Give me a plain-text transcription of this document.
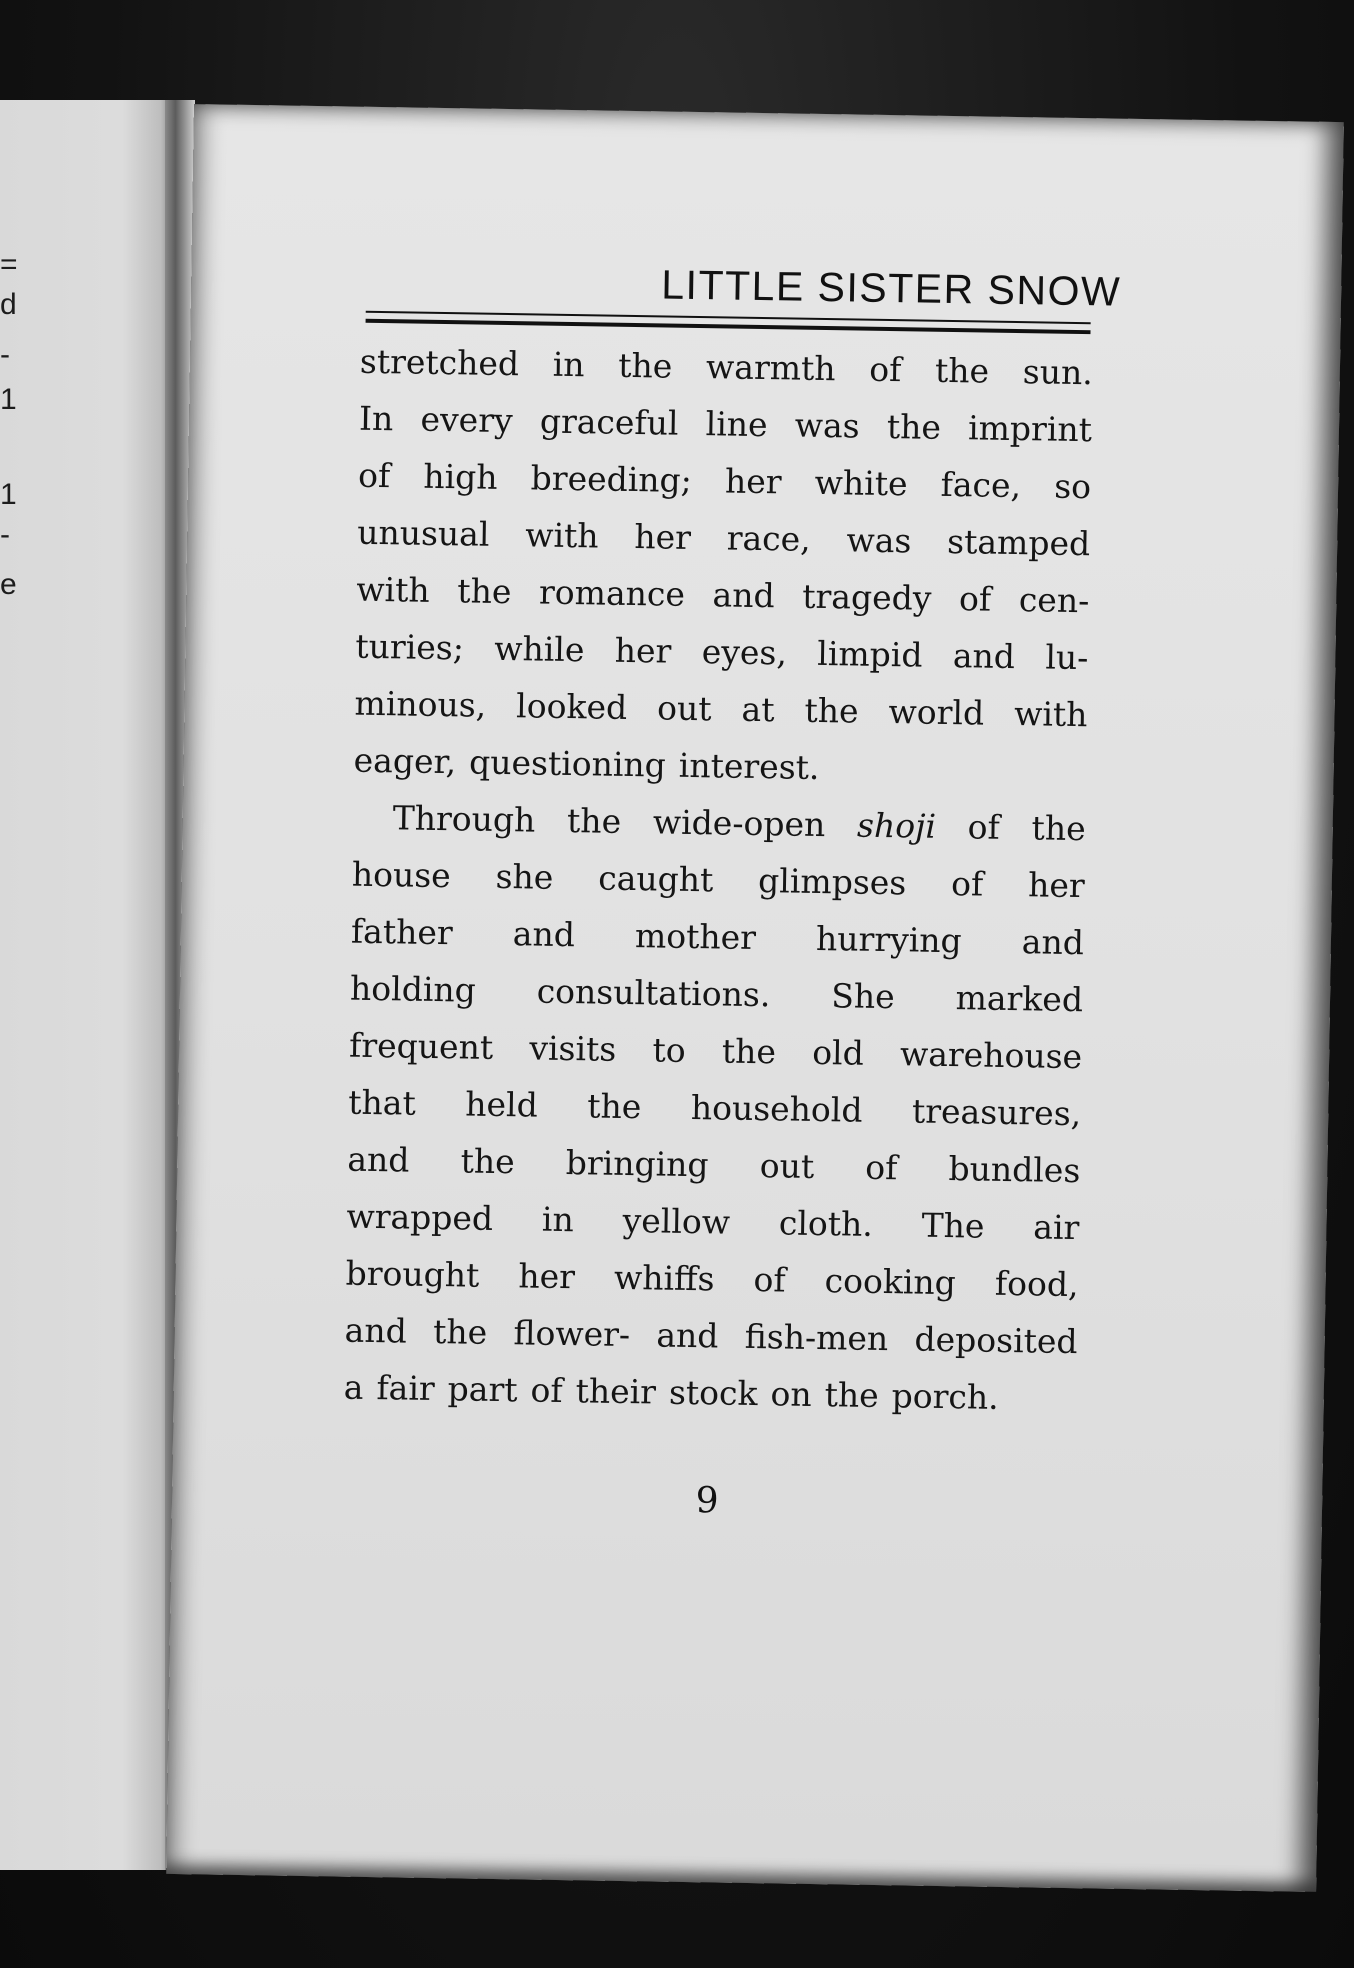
=
d
-
1
1
-
e
LITTLE SISTER SNOW
stretched in the warmth of the sun.
In every graceful line was the imprint
of high breeding; her white face, so
unusual with her race, was stamped
with the romance and tragedy of cen-
turies; while her eyes, limpid and lu-
minous, looked out at the world with
eager, questioning interest.
Through the wide-open shoji of the
house she caught glimpses of her
father and mother hurrying and
holding consultations. She marked
frequent visits to the old warehouse
that held the household treasures,
and the bringing out of bundles
wrapped in yellow cloth. The air
brought her whiffs of cooking food,
and the flower- and fish-men deposited
a fair part of their stock on the porch.
9
